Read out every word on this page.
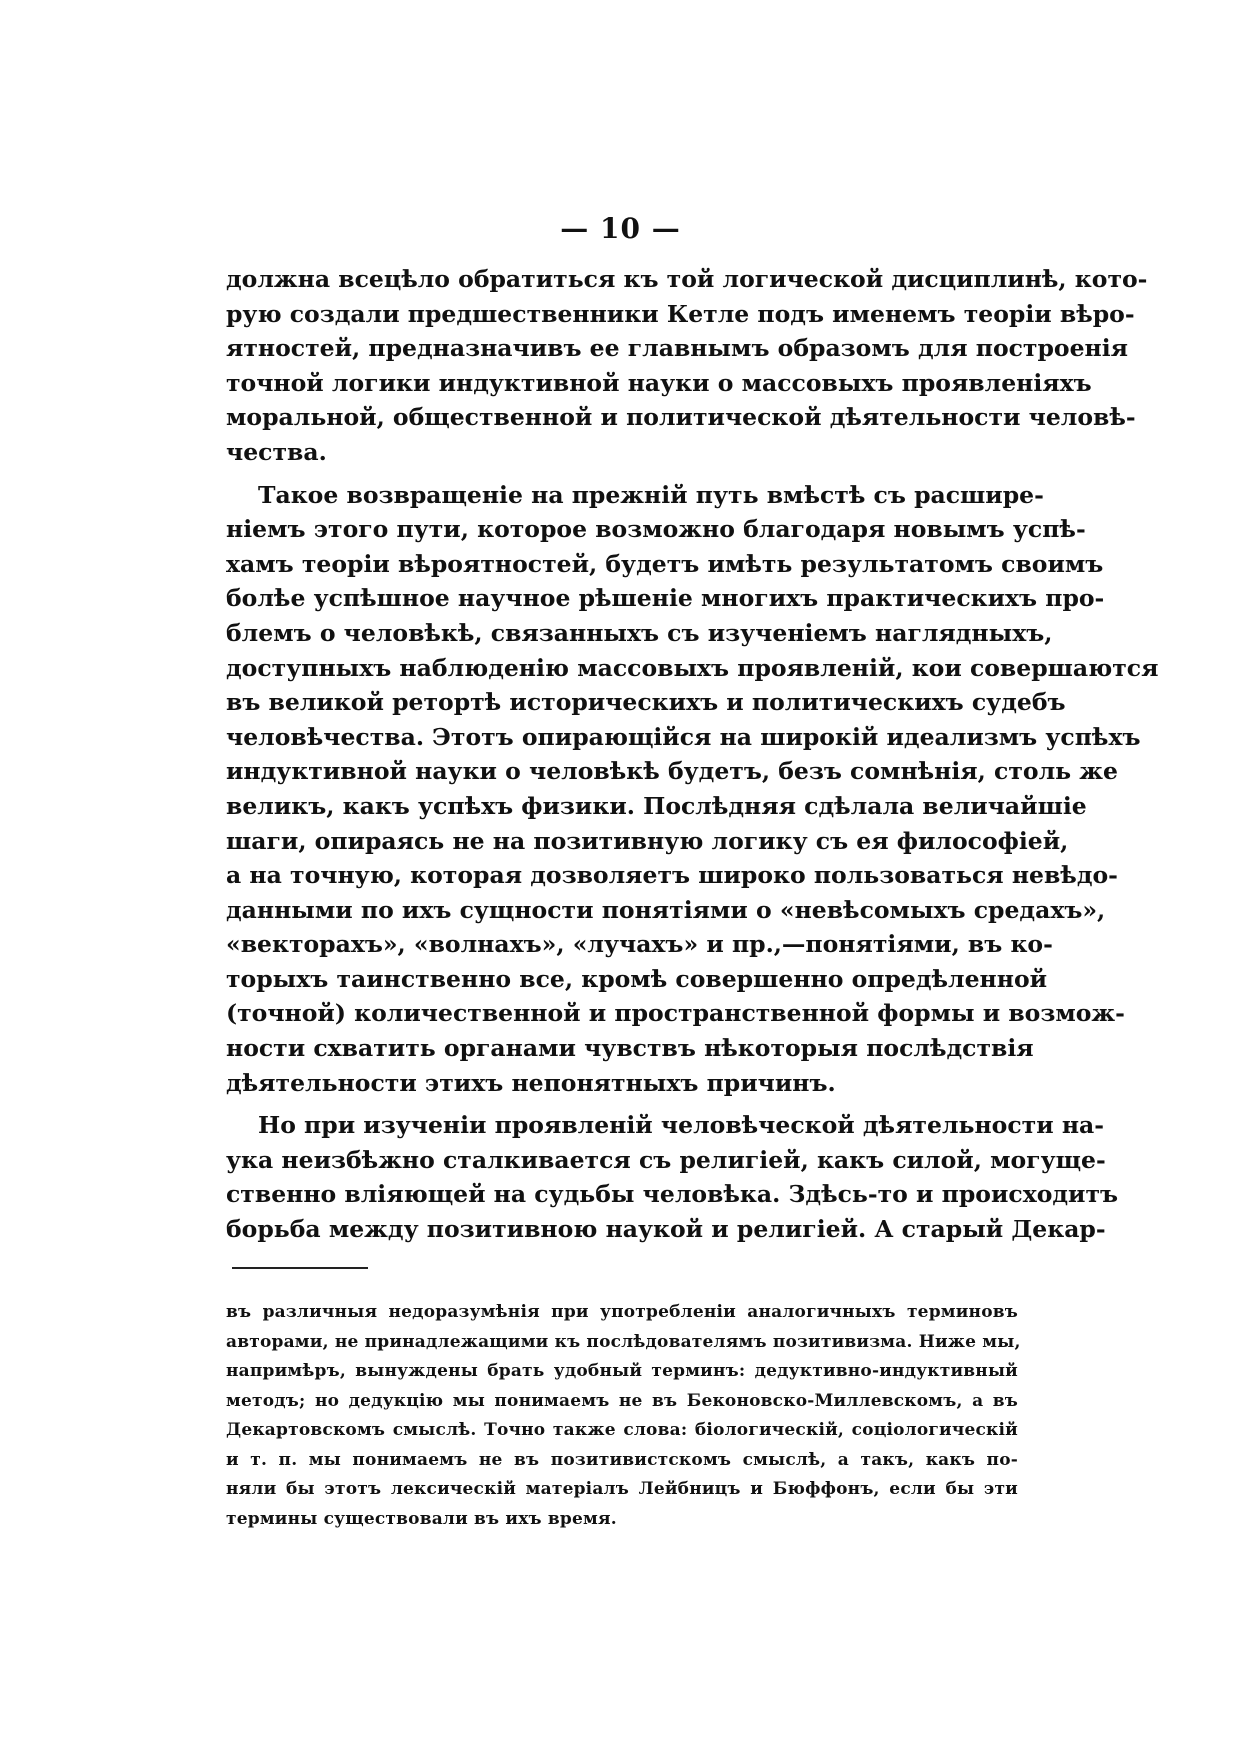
— 10 —

должна всецѣло обратиться къ той логической дисциплинѣ, кото-
рую создали предшественники Кетле подъ именемъ теоріи вѣро-
ятностей, предназначивъ ее главнымъ образомъ для построенія
точной логики индуктивной науки о массовыхъ проявленіяхъ
моральной, общественной и политической дѣятельности человѣ-
чества.

Такое возвращеніе на прежній путь вмѣстѣ съ расшире-
ніемъ этого пути, которое возможно благодаря новымъ успѣ-
хамъ теоріи вѣроятностей, будетъ имѣть результатомъ своимъ
болѣе успѣшное научное рѣшеніе многихъ практическихъ про-
блемъ о человѣкѣ, связанныхъ съ изученіемъ наглядныхъ,
доступныхъ наблюденію массовыхъ проявленій, кои совершаются
въ великой ретортѣ историческихъ и политическихъ судебъ
человѣчества. Этотъ опирающійся на широкій идеализмъ успѣхъ
индуктивной науки о человѣкѣ будетъ, безъ сомнѣнія, столь же
великъ, какъ успѣхъ физики. Послѣдняя сдѣлала величайшіе
шаги, опираясь не на позитивную логику съ ея философіей,
а на точную, которая дозволяетъ широко пользоваться невѣдо-
данными по ихъ сущности понятіями о «невѣсомыхъ средахъ»,
«векторахъ», «волнахъ», «лучахъ» и пр.,—понятіями, въ ко-
торыхъ таинственно все, кромѣ совершенно опредѣленной
(точной) количественной и пространственной формы и возмож-
ности схватить органами чувствъ нѣкоторыя послѣдствія
дѣятельности этихъ непонятныхъ причинъ.

Но при изученіи проявленій человѣческой дѣятельности на-
ука неизбѣжно сталкивается съ религіей, какъ силой, могуще-
ственно вліяющей на судьбы человѣка. Здѣсь-то и происходитъ
борьба между позитивною наукой и религіей. А старый Декар-

въ различныя недоразумѣнія при употребленіи аналогичныхъ терминовъ
авторами, не принадлежащими къ послѣдователямъ позитивизма. Ниже мы,
напримѣръ, вынуждены брать удобный терминъ: дедуктивно-индуктивный
методъ; но дедукцію мы понимаемъ не въ Беконовско-Миллевскомъ, а въ
Декартовскомъ смыслѣ. Точно также слова: біологическій, соціологическій
и т. п. мы понимаемъ не въ позитивистскомъ смыслѣ, а такъ, какъ по-
няли бы этотъ лексическій матеріалъ Лейбницъ и Бюффонъ, если бы эти
термины существовали въ ихъ время.
